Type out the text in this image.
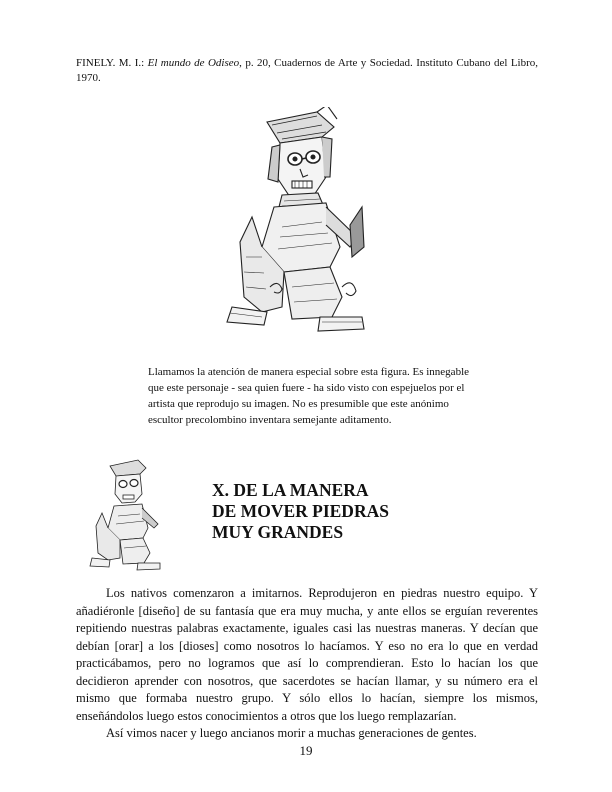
FINELY. M. I.: El mundo de Odiseo, p. 20, Cuadernos de Arte y Sociedad. Instituto Cubano del Libro, 1970.
Llamamos la atención de manera especial sobre esta figura. Es innegable que este personaje - sea quien fuere - ha sido visto con espejuelos por el artista que reprodujo su imagen. No es presumible que este anónimo escultor precolombino inventara semejante aditamento.
X. DE LA MANERA
DE MOVER PIEDRAS
MUY GRANDES

Los nativos comenzaron a imitarnos. Reprodujeron en piedras nuestro equipo. Y añadiéronle [diseño] de su fantasía que era muy mucha, y ante ellos se erguían reverentes repitiendo nuestras palabras exactamente, iguales casi las nuestras maneras. Y decían que debían [orar] a los [dioses] como nosotros lo hacíamos. Y eso no era lo que en verdad practicábamos, pero no logramos que así lo comprendieran. Esto lo hacían los que decidieron aprender con nosotros, que sacerdotes se hacían llamar, y su número era el mismo que formaba nuestro grupo. Y sólo ellos lo hacían, siempre los mismos, enseñándolos luego estos conocimientos a otros que los luego remplazarían.

Así vimos nacer y luego ancianos morir a muchas generaciones de gentes.

19
